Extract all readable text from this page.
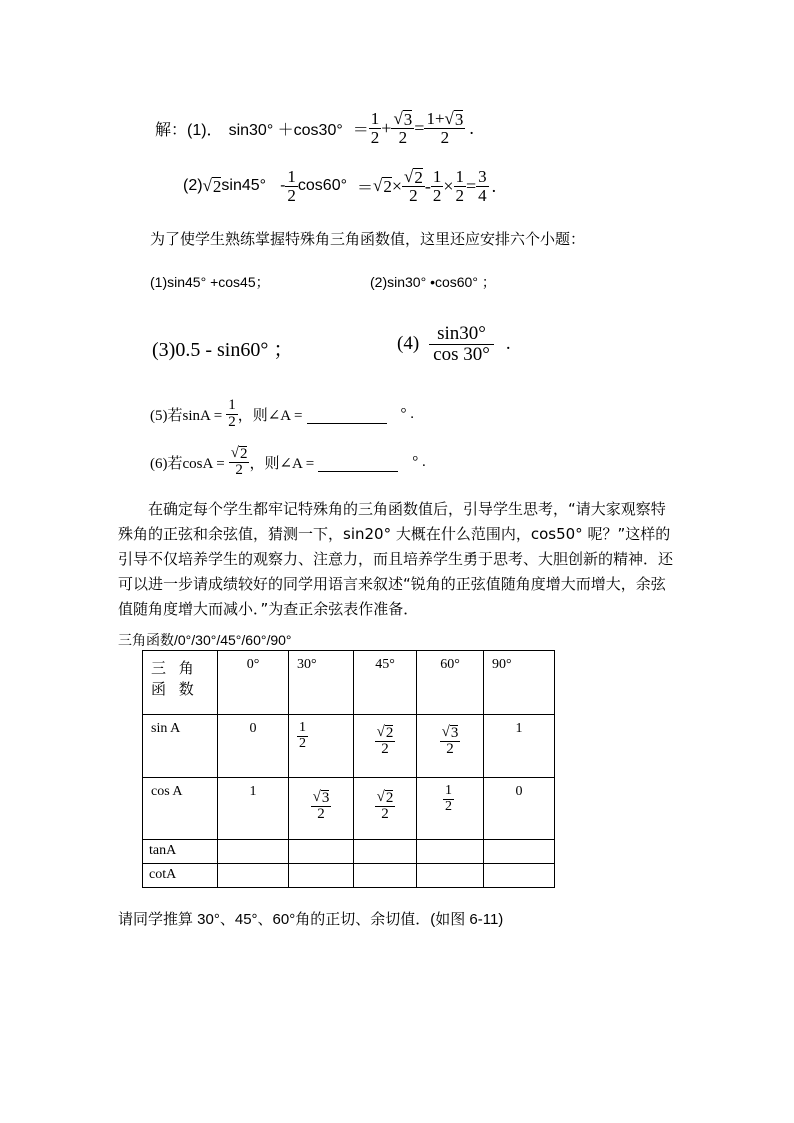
解：(1)． $\sin 30^\circ +\cos 30^\circ = \frac{1}{2} + \frac{√ 3}{2} = \frac{1+ √ 3}{2}$ .
(2) √ 2 $\sin 45^\circ - \frac{1}{2} \cos 60^\circ$ ＝ √ $2 \times \frac{√ 2}{2} - \frac{1}{2} \times \frac{1}{2} = \frac{3}{4}$ .
为了使学生熟练掌握特殊角三角函数值，这里还应安排六个小题：
(1)sin45° +cos45；	(2)sin30° •cos60° ；
(3)0.5 - sin60° ；	$(4) \frac{\sin 30^\circ}{\cos 30^\circ}$ .
(5)若$\sin A = \frac{1}{2}$ ，则∠A =	° .
(6)若$\cos A = \frac{√ 2}{2}$ ，则∠A =	° .
在确定每个学生都牢记特殊角的三角函数值后，引导学生思考，“请大家观察特殊角的正弦和余弦值，猜测一下，sin20° 大概在什么范围内，cos50° 呢？”这样的引导不仅培养学生的观察力、注意力，而且培养学生勇于思考、大胆创新的精神．还可以进一步请成绩较好的同学用语言来叙述“锐角的正弦值随角度增大而增大，余弦值随角度增大而减小．”为查正余弦表作准备．
三角函数/0°/30°/45°/60°/90°
三 角 函 数	0°	30°	45°	60°	90°
sin A	0	$\frac{1}{2}$	$\frac{√ 2}{2}$	$\frac{√ 3}{2}$	1
cos A	1	$\frac{√ 3}{2}$	$\frac{√ 2}{2}$	$\frac{1}{2}$	0
tanA					
cotA					
请同学推算 30°、45°、60°角的正切、余切值．(如图 6-11)
